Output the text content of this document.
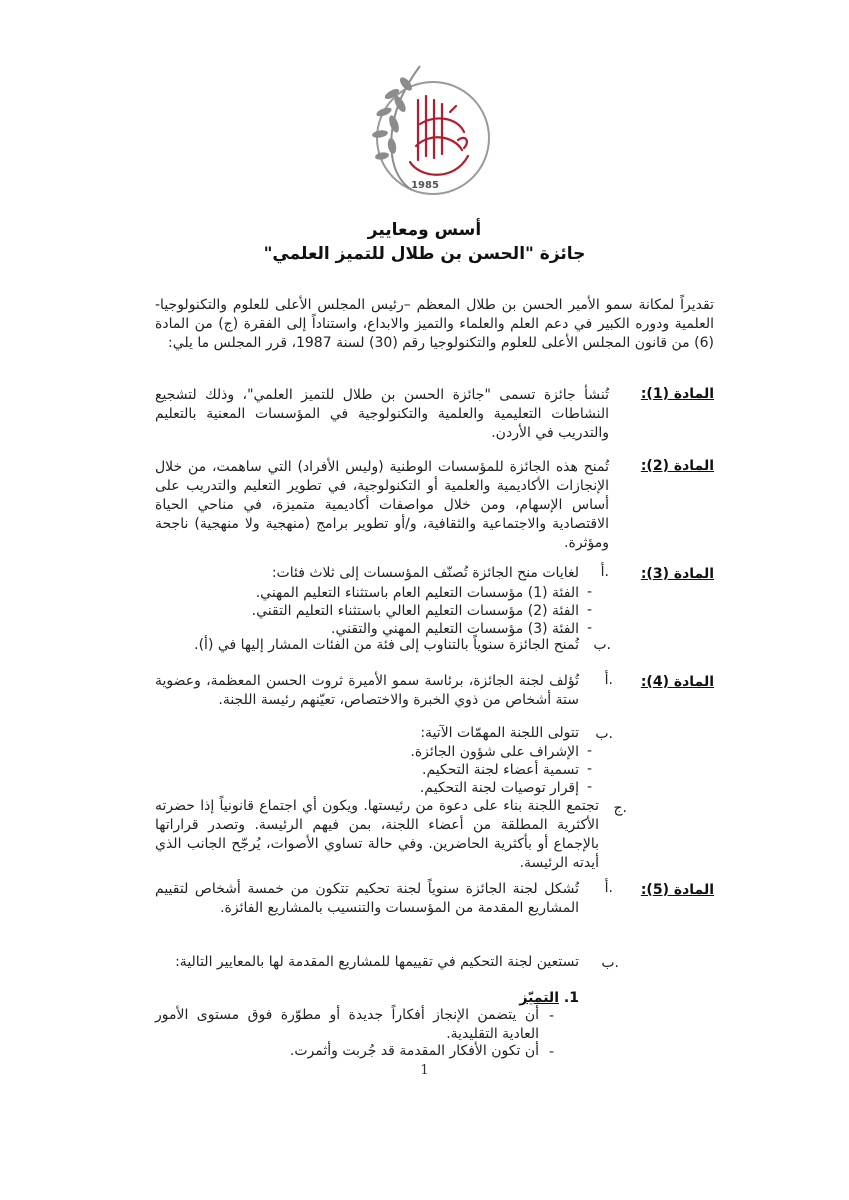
1985
أسس ومعايير
جائزة "الحسن بن طلال للتميز العلمي"

تقديراً لمكانة سمو الأمير الحسن بن طلال المعظم –رئيس المجلس الأعلى للعلوم والتكنولوجيا- العلمية ودوره الكبير في دعم العلم والعلماء والتميز والابداع، واستناداً إلى الفقرة (ج) من المادة (6) من قانون المجلس الأعلى للعلوم والتكنولوجيا رقم (30) لسنة 1987، قرر المجلس ما يلي:

المادة (1):

تُنشأ جائزة تسمى "جائزة الحسن بن طلال للتميز العلمي"، وذلك لتشجيع النشاطات التعليمية والعلمية والتكنولوجية في المؤسسات المعنية بالتعليم والتدريب في الأردن.

المادة (2):

تُمنح هذه الجائزة للمؤسسات الوطنية (وليس الأفراد) التي ساهمت، من خلال الإنجازات الأكاديمية والعلمية أو التكنولوجية، في تطوير التعليم والتدريب على أساس الإسهام، ومن خلال مواصفات أكاديمية متميزة، في مناحي الحياة الاقتصادية والاجتماعية والثقافية، و/أو تطوير برامج (منهجية ولا منهجية) ناجحة ومؤثرة.

المادة (3):
أ.

لغايات منح الجائزة تُصنّف المؤسسات إلى ثلاث فئات:

-
الفئة (1) مؤسسات التعليم العام باستثناء التعليم المهني.
-
الفئة (2) مؤسسات التعليم العالي باستثناء التعليم التقني.
-
الفئة (3) مؤسسات التعليم المهني والتقني.
ب.

تُمنح الجائزة سنوياً بالتناوب إلى فئة من الفئات المشار إليها في (أ).

المادة (4):
أ.

تُؤلف لجنة الجائزة، برئاسة سمو الأميرة ثروت الحسن المعظمة، وعضوية ستة أشخاص من ذوي الخبرة والاختصاص، تعيّنهم رئيسة اللجنة.

ب.

تتولى اللجنة المهمّات الآتية:

-
الإشراف على شؤون الجائزة.
-
تسمية أعضاء لجنة التحكيم.
-
إقرار توصيات لجنة التحكيم.
ج.

تجتمع اللجنة بناء على دعوة من رئيستها. ويكون أي اجتماع قانونياً إذا حضرته الأكثرية المطلقة من أعضاء اللجنة، بمن فيهم الرئيسة. وتصدر قراراتها بالإجماع أو بأكثرية الحاضرين. وفي حالة تساوي الأصوات، يُرجّح الجانب الذي أيدته الرئيسة.

المادة (5):
أ.

تُشكل لجنة الجائزة سنوياً لجنة تحكيم تتكون من خمسة أشخاص لتقييم المشاريع المقدمة من المؤسسات والتنسيب بالمشاريع الفائزة.

ب.

تستعين لجنة التحكيم في تقييمها للمشاريع المقدمة لها بالمعايير التالية:

1.
التميّز
-

أن يتضمن الإنجاز أفكاراً جديدة أو مطوّرة فوق مستوى الأمور العادية التقليدية.

-

أن تكون الأفكار المقدمة قد جُربت وأثمرت.

1
